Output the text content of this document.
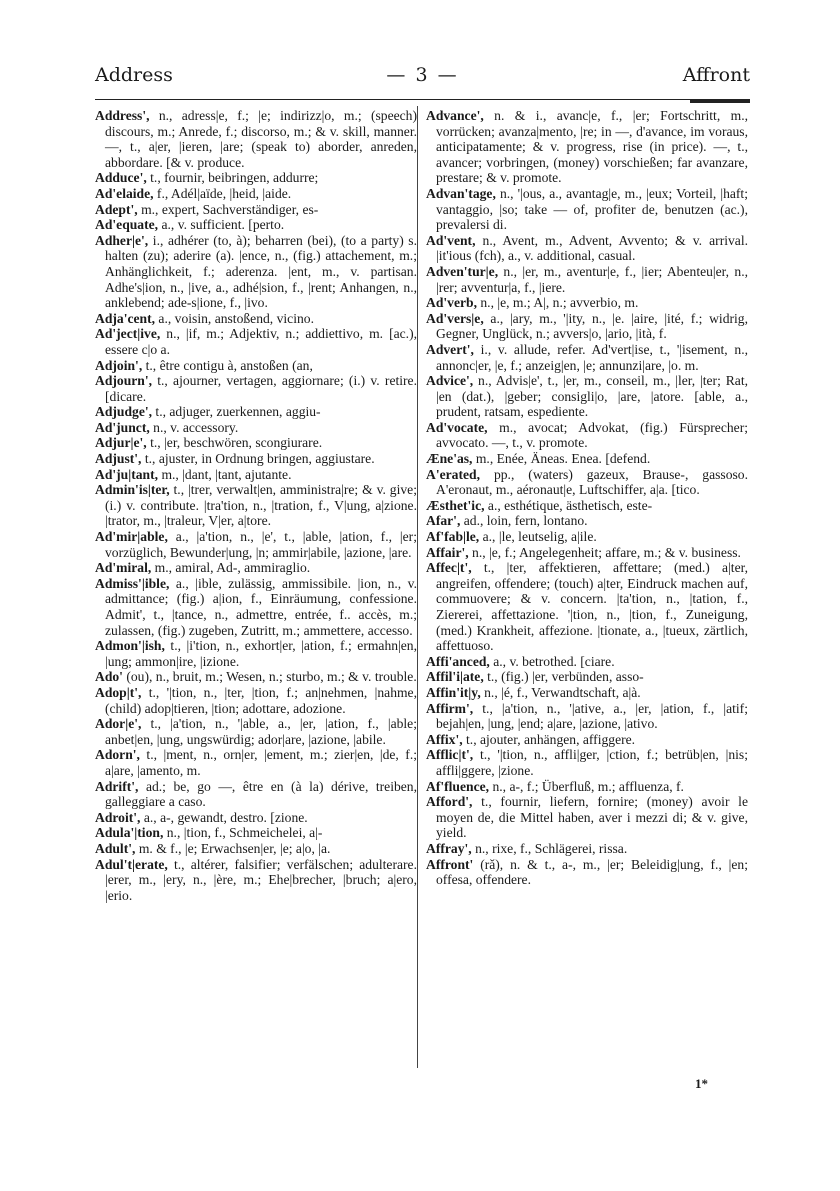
Address	— 3 —	Affront

Address', n., adress|e, f.; |e; indirizz|o, m.; (speech) discours, m.; Anrede, f.; discorso, m.; & v. skill, manner. —, t., a|er, |ieren, |are; (speak to) aborder, anreden, abbordare. [& v. produce.

Adduce', t., fournir, beibringen, addurre;

Ad'elaide, f., Adél|aïde, |heid, |aide.

Adept', m., expert, Sachverständiger, es-

Ad'equate, a., v. sufficient. [perto.

Adher|e', i., adhérer (to, à); beharren (bei), (to a party) s. halten (zu); aderire (a). |ence, n., (fig.) attachement, m.; Anhänglichkeit, f.; aderenza. |ent, m., v. partisan. Adhe's|ion, n., |ive, a., adhé|sion, f., |rent; Anhangen, n., anklebend; ade-s|ione, f., |ivo.

Adja'cent, a., voisin, anstoßend, vicino.

Ad'ject|ive, n., |if, m.; Adjektiv, n.; addiettivo, m. [ac.), essere c|o a.

Adjoin', t., être contigu à, anstoßen (an,

Adjourn', t., ajourner, vertagen, aggiornare; (i.) v. retire. [dicare.

Adjudge', t., adjuger, zuerkennen, aggiu-

Ad'junct, n., v. accessory.

Adjur|e', t., |er, beschwören, scongiurare.

Adjust', t., ajuster, in Ordnung bringen, aggiustare.

Ad'ju|tant, m., |dant, |tant, ajutante.

Admin'is|ter, t., |trer, verwalt|en, amministra|re; & v. give; (i.) v. contribute. |tra'tion, n., |tration, f., V|ung, a|zione. |trator, m., |traleur, V|er, a|tore.

Ad'mir|able, a., |a'tion, n., |e', t., |able, |ation, f., |er; vorzüglich, Bewunder|ung, |n; ammir|abile, |azione, |are.

Ad'miral, m., amiral, Ad-, ammiraglio.

Admiss'|ible, a., |ible, zulässig, ammissibile. |ion, n., v. admittance; (fig.) a|ion, f., Einräumung, confessione. Admit', t., |tance, n., admettre, entrée, f.. accès, m.; zulassen, (fig.) zugeben, Zutritt, m.; ammettere, accesso.

Admon'|ish, t., |i'tion, n., exhort|er, |ation, f.; ermahn|en, |ung; ammon|ire, |izione.

Ado' (ou), n., bruit, m.; Wesen, n.; sturbo, m.; & v. trouble.

Adop|t', t., '|tion, n., |ter, |tion, f.; an|nehmen, |nahme, (child) adop|tieren, |tion; adottare, adozione.

Ador|e', t., |a'tion, n., '|able, a., |er, |ation, f., |able; anbet|en, |ung, ungswürdig; ador|are, |azione, |abile.

Adorn', t., |ment, n., orn|er, |ement, m.; zier|en, |de, f.; a|are, |amento, m.

Adrift', ad.; be, go —, être en (à la) dérive, treiben, galleggiare a caso.

Adroit', a., a-, gewandt, destro. [zione.

Adula'|tion, n., |tion, f., Schmeichelei, a|-

Adult', m. & f., |e; Erwachsen|er, |e; a|o, |a.

Adul't|erate, t., altérer, falsifier; verfälschen; adulterare. |erer, m., |ery, n., |ère, m.; Ehe|brecher, |bruch; a|ero, |erio.

Advance', n. & i., avanc|e, f., |er; Fortschritt, m., vorrücken; avanza|mento, |re; in —, d'avance, im voraus, anticipatamente; & v. progress, rise (in price). —, t., avancer; vorbringen, (money) vorschießen; far avanzare, prestare; & v. promote.

Advan'tage, n., '|ous, a., avantag|e, m., |eux; Vorteil, |haft; vantaggio, |so; take — of, profiter de, benutzen (ac.), prevalersi di.

Ad'vent, n., Avent, m., Advent, Avvento; & v. arrival. |it'ious (fch), a., v. additional, casual.

Adven'tur|e, n., |er, m., aventur|e, f., |ier; Abenteu|er, n., |rer; avventur|a, f., |iere.

Ad'verb, n., |e, m.; A|, n.; avverbio, m.

Ad'vers|e, a., |ary, m., '|ity, n., |e. |aire, |ité, f.; widrig, Gegner, Unglück, n.; avvers|o, |ario, |ità, f.

Advert', i., v. allude, refer. Ad'vert|ise, t., '|isement, n., annonc|er, |e, f.; anzeig|en, |e; annunzi|are, |o. m.

Advice', n., Advis|e', t., |er, m., conseil, m., |ler, |ter; Rat, |en (dat.), |geber; consigli|o, |are, |atore. [able, a., prudent, ratsam, espediente.

Ad'vocate, m., avocat; Advokat, (fig.) Fürsprecher; avvocato. —, t., v. promote.

Æne'as, m., Enée, Äneas. Enea. [defend.

A'erated, pp., (waters) gazeux, Brause-, gassoso. A'eronaut, m., aéronaut|e, Luftschiffer, a|a. [tico.

Æsthet'ic, a., esthétique, ästhetisch, este-

Afar', ad., loin, fern, lontano.

Af'fab|le, a., |le, leutselig, a|ile.

Affair', n., |e, f.; Angelegenheit; affare, m.; & v. business.

Affec|t', t., |ter, affektieren, affettare; (med.) a|ter, angreifen, offendere; (touch) a|ter, Eindruck machen auf, commuovere; & v. concern. |ta'tion, n., |tation, f., Ziererei, affettazione. '|tion, n., |tion, f., Zuneigung, (med.) Krankheit, affezione. |tionate, a., |tueux, zärtlich, affettuoso.

Affi'anced, a., v. betrothed. [ciare.

Affil'i|ate, t., (fig.) |er, verbünden, asso-

Affin'it|y, n., |é, f., Verwandtschaft, a|à.

Affirm', t., |a'tion, n., '|ative, a., |er, |ation, f., |atif; bejah|en, |ung, |end; a|are, |azione, |ativo.

Affix', t., ajouter, anhängen, affiggere.

Afflic|t', t., '|tion, n., affli|ger, |ction, f.; betrüb|en, |nis; affli|ggere, |zione.

Af'fluence, n., a-, f.; Überfluß, m.; affluenza, f.

Afford', t., fournir, liefern, fornire; (money) avoir le moyen de, die Mittel haben, aver i mezzi di; & v. give, yield.

Affray', n., rixe, f., Schlägerei, rissa.

Affront' (rǎ), n. & t., a-, m., |er; Beleidig|ung, f., |en; offesa, offendere.

1*
